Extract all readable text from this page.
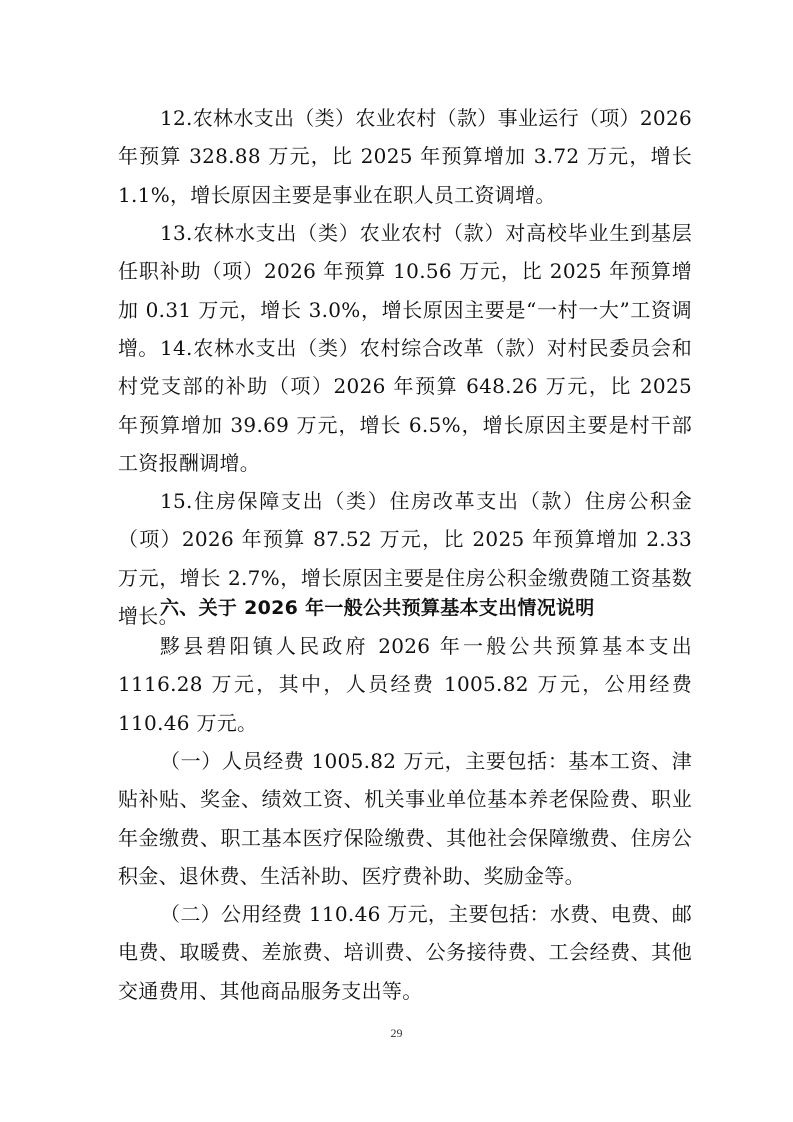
12.农林水支出（类）农业农村（款）事业运行（项）2026年预算 328.88 万元，比 2025 年预算增加 3.72 万元，增长 1.1%，增长原因主要是事业在职人员工资调增。

13.农林水支出（类）农业农村（款）对高校毕业生到基层任职补助（项）2026 年预算 10.56 万元，比 2025 年预算增加 0.31 万元，增长 3.0%，增长原因主要是“一村一大”工资调增。 14.农林水支出（类）农村综合改革（款）对村民委员会和村党支部的补助（项）2026 年预算 648.26 万元，比 2025 年预算增加 39.69 万元，增长 6.5%，增长原因主要是村干部工资报酬调增。

15.住房保障支出（类）住房改革支出（款）住房公积金（项）2026 年预算 87.52 万元，比 2025 年预算增加 2.33 万元，增长 2.7%，增长原因主要是住房公积金缴费随工资基数增长。

六、关于 2026 年一般公共预算基本支出情况说明

黟县碧阳镇人民政府 2026 年一般公共预算基本支出 1116.28 万元，其中，人员经费 1005.82 万元，公用经费 110.46 万元。

（一）人员经费 1005.82 万元，主要包括：基本工资、津贴补贴、奖金、绩效工资、机关事业单位基本养老保险费、职业年金缴费、职工基本医疗保险缴费、其他社会保障缴费、住房公积金、退休费、生活补助、医疗费补助、奖励金等。

（二）公用经费 110.46 万元，主要包括：水费、电费、邮电费、取暖费、差旅费、培训费、公务接待费、工会经费、其他交通费用、其他商品服务支出等。

29
